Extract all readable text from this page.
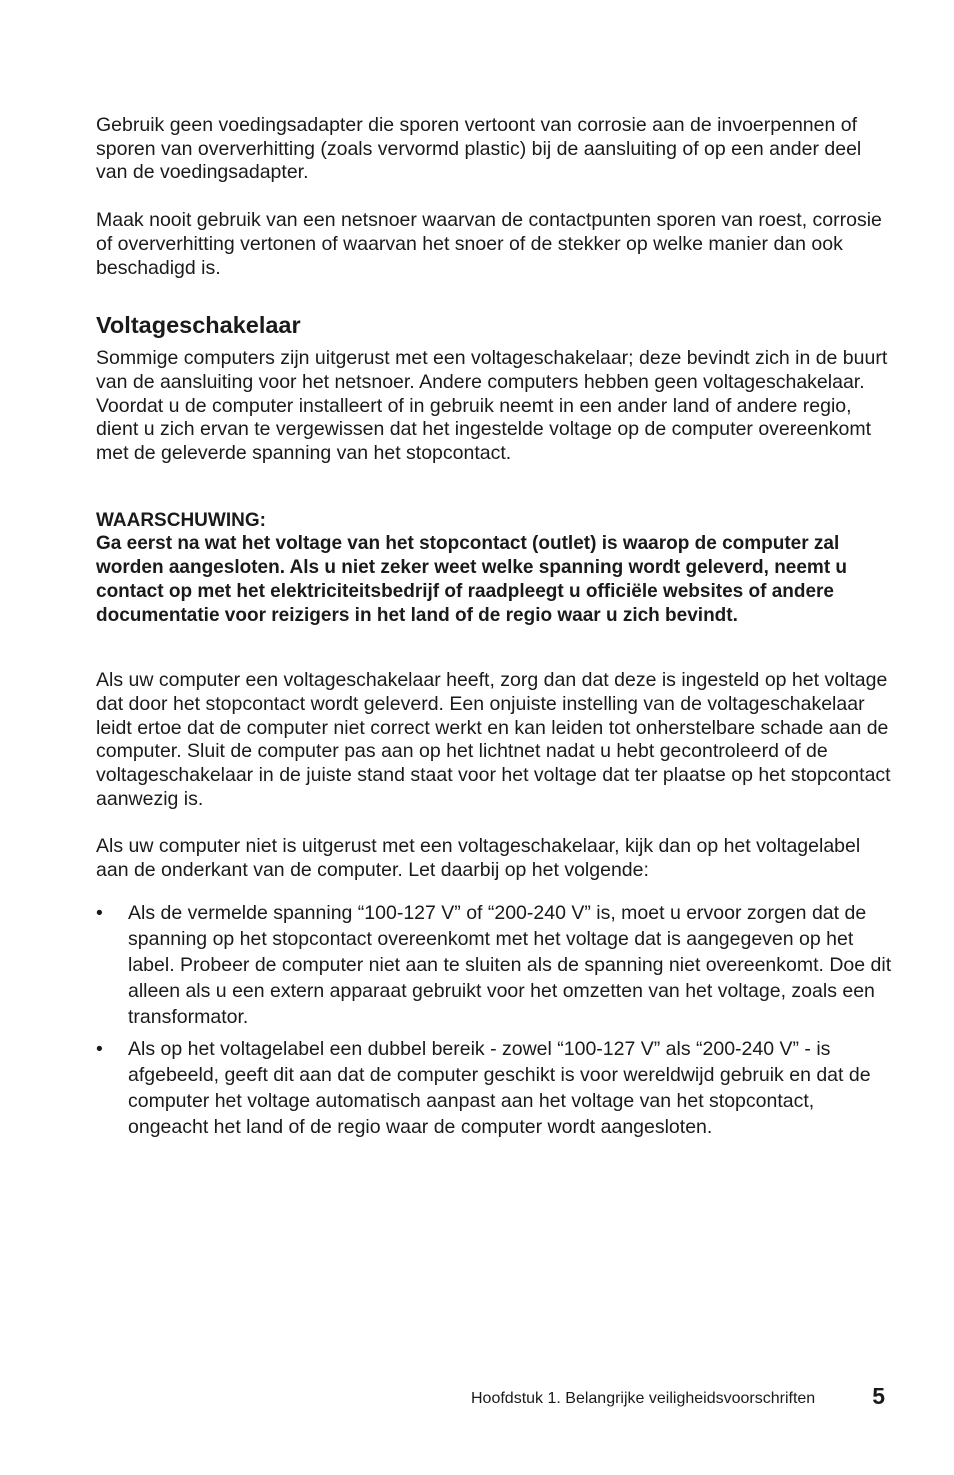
Gebruik geen voedingsadapter die sporen vertoont van corrosie aan de invoerpennen of sporen van oververhitting (zoals vervormd plastic) bij de aansluiting of op een ander deel van de voedingsadapter.

Maak nooit gebruik van een netsnoer waarvan de contactpunten sporen van roest, corrosie of oververhitting vertonen of waarvan het snoer of de stekker op welke manier dan ook beschadigd is.

Voltageschakelaar

Sommige computers zijn uitgerust met een voltageschakelaar; deze bevindt zich in de buurt van de aansluiting voor het netsnoer. Andere computers hebben geen voltageschakelaar. Voordat u de computer installeert of in gebruik neemt in een ander land of andere regio, dient u zich ervan te vergewissen dat het ingestelde voltage op de computer overeenkomt met de geleverde spanning van het stopcontact.

WAARSCHUWING:

Ga eerst na wat het voltage van het stopcontact (outlet) is waarop de computer zal worden aangesloten. Als u niet zeker weet welke spanning wordt geleverd, neemt u contact op met het elektriciteitsbedrijf of raadpleegt u officiële websites of andere documentatie voor reizigers in het land of de regio waar u zich bevindt.

Als uw computer een voltageschakelaar heeft, zorg dan dat deze is ingesteld op het voltage dat door het stopcontact wordt geleverd. Een onjuiste instelling van de voltageschakelaar leidt ertoe dat de computer niet correct werkt en kan leiden tot onherstelbare schade aan de computer. Sluit de computer pas aan op het lichtnet nadat u hebt gecontroleerd of de voltageschakelaar in de juiste stand staat voor het voltage dat ter plaatse op het stopcontact aanwezig is.

Als uw computer niet is uitgerust met een voltageschakelaar, kijk dan op het voltagelabel aan de onderkant van de computer. Let daarbij op het volgende:

• Als de vermelde spanning “100-127 V” of “200-240 V” is, moet u ervoor zorgen dat de spanning op het stopcontact overeenkomt met het voltage dat is aangegeven op het label. Probeer de computer niet aan te sluiten als de spanning niet overeenkomt. Doe dit alleen als u een extern apparaat gebruikt voor het omzetten van het voltage, zoals een transformator.
• Als op het voltagelabel een dubbel bereik - zowel “100-127 V” als “200-240 V” - is afgebeeld, geeft dit aan dat de computer geschikt is voor wereldwijd gebruik en dat de computer het voltage automatisch aanpast aan het voltage van het stopcontact, ongeacht het land of de regio waar de computer wordt aangesloten.
Hoofdstuk 1. Belangrijke veiligheidsvoorschriften 5
